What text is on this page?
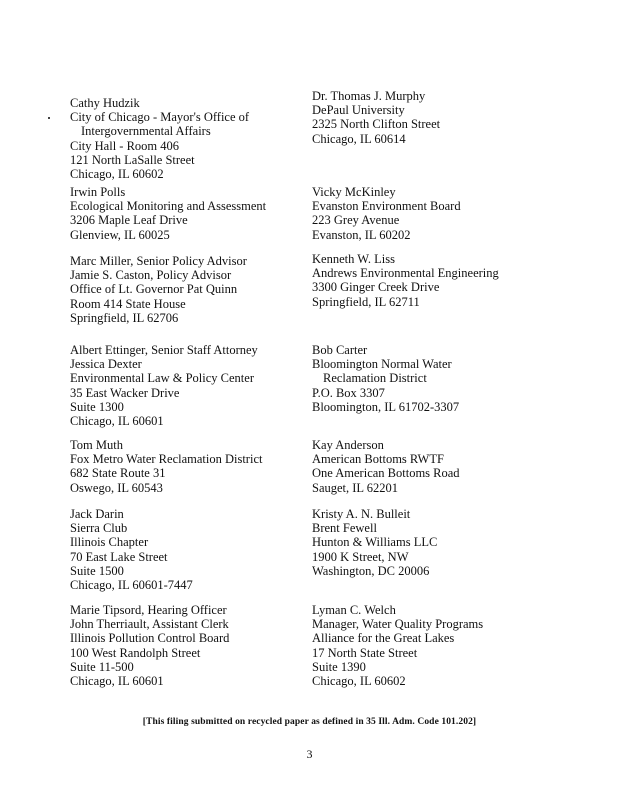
Cathy Hudzik
City of Chicago - Mayor's Office of
Intergovernmental Affairs
City Hall - Room 406
121 North LaSalle Street
Chicago, IL 60602
Irwin Polls
Ecological Monitoring and Assessment
3206 Maple Leaf Drive
Glenview, IL 60025
Marc Miller, Senior Policy Advisor
Jamie S. Caston, Policy Advisor
Office of Lt. Governor Pat Quinn
Room 414 State House
Springfield, IL 62706
Albert Ettinger, Senior Staff Attorney
Jessica Dexter
Environmental Law & Policy Center
35 East Wacker Drive
Suite 1300
Chicago, IL 60601
Tom Muth
Fox Metro Water Reclamation District
682 State Route 31
Oswego, IL 60543
Jack Darin
Sierra Club
Illinois Chapter
70 East Lake Street
Suite 1500
Chicago, IL 60601-7447
Marie Tipsord, Hearing Officer
John Therriault, Assistant Clerk
Illinois Pollution Control Board
100 West Randolph Street
Suite 11-500
Chicago, IL 60601
Dr. Thomas J. Murphy
DePaul University
2325 North Clifton Street
Chicago, IL 60614
Vicky McKinley
Evanston Environment Board
223 Grey Avenue
Evanston, IL 60202
Kenneth W. Liss
Andrews Environmental Engineering
3300 Ginger Creek Drive
Springfield, IL 62711
Bob Carter
Bloomington Normal Water
Reclamation District
P.O. Box 3307
Bloomington, IL 61702-3307
Kay Anderson
American Bottoms RWTF
One American Bottoms Road
Sauget, IL 62201
Kristy A. N. Bulleit
Brent Fewell
Hunton & Williams LLC
1900 K Street, NW
Washington, DC 20006
Lyman C. Welch
Manager, Water Quality Programs
Alliance for the Great Lakes
17 North State Street
Suite 1390
Chicago, IL 60602
[This filing submitted on recycled paper as defined in 35 Ill. Adm. Code 101.202]
3
